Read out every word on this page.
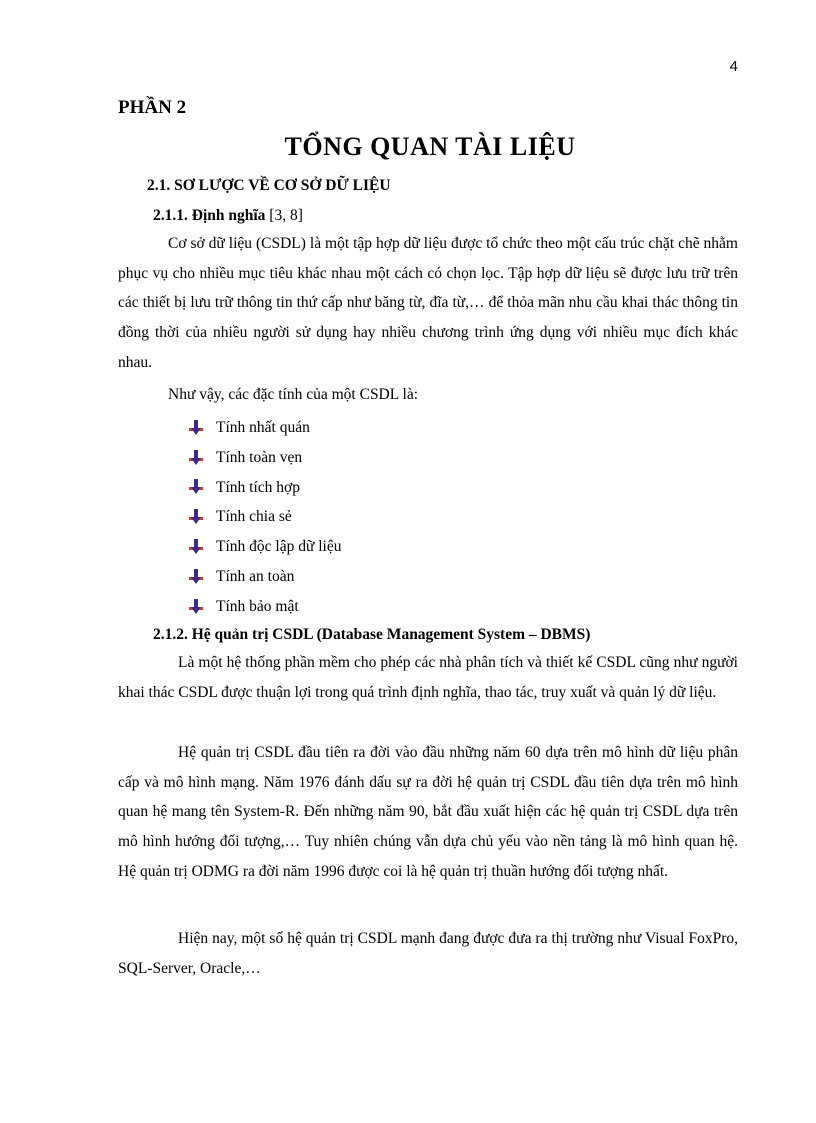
4
PHẦN 2
TỔNG QUAN TÀI LIỆU
2.1. SƠ LƯỢC VỀ CƠ SỞ DỮ LIỆU
2.1.1. Định nghĩa [3, 8]

Cơ sở dữ liệu (CSDL) là một tập hợp dữ liệu được tổ chức theo một cấu trúc chặt chẽ nhằm phục vụ cho nhiều mục tiêu khác nhau một cách có chọn lọc. Tập hợp dữ liệu sẽ được lưu trữ trên các thiết bị lưu trữ thông tin thứ cấp như băng từ, đĩa từ,… để thỏa mãn nhu cầu khai thác thông tin đồng thời của nhiều người sử dụng hay nhiều chương trình ứng dụng với nhiều mục đích khác nhau.

Như vậy, các đặc tính của một CSDL là:
Tính nhất quán
Tính toàn vẹn
Tính tích hợp
Tính chia sẻ
Tính độc lập dữ liệu
Tính an toàn
Tính bảo mật
2.1.2. Hệ quản trị CSDL (Database Management System – DBMS)

Là một hệ thống phần mềm cho phép các nhà phân tích và thiết kế CSDL cũng như người khai thác CSDL được thuận lợi trong quá trình định nghĩa, thao tác, truy xuất và quản lý dữ liệu.

Hệ quản trị CSDL đầu tiên ra đời vào đầu những năm 60 dựa trên mô hình dữ liệu phân cấp và mô hình mạng. Năm 1976 đánh dấu sự ra đời hệ quản trị CSDL đầu tiên dựa trên mô hình quan hệ mang tên System-R. Đến những năm 90, bắt đầu xuất hiện các hệ quản trị CSDL dựa trên mô hình hướng đối tượng,… Tuy nhiên chúng vẫn dựa chủ yếu vào nền tảng là mô hình quan hệ. Hệ quản trị ODMG ra đời năm 1996 được coi là hệ quản trị thuần hướng đối tượng nhất.

Hiện nay, một số hệ quản trị CSDL mạnh đang được đưa ra thị trường như Visual FoxPro, SQL-Server, Oracle,…
